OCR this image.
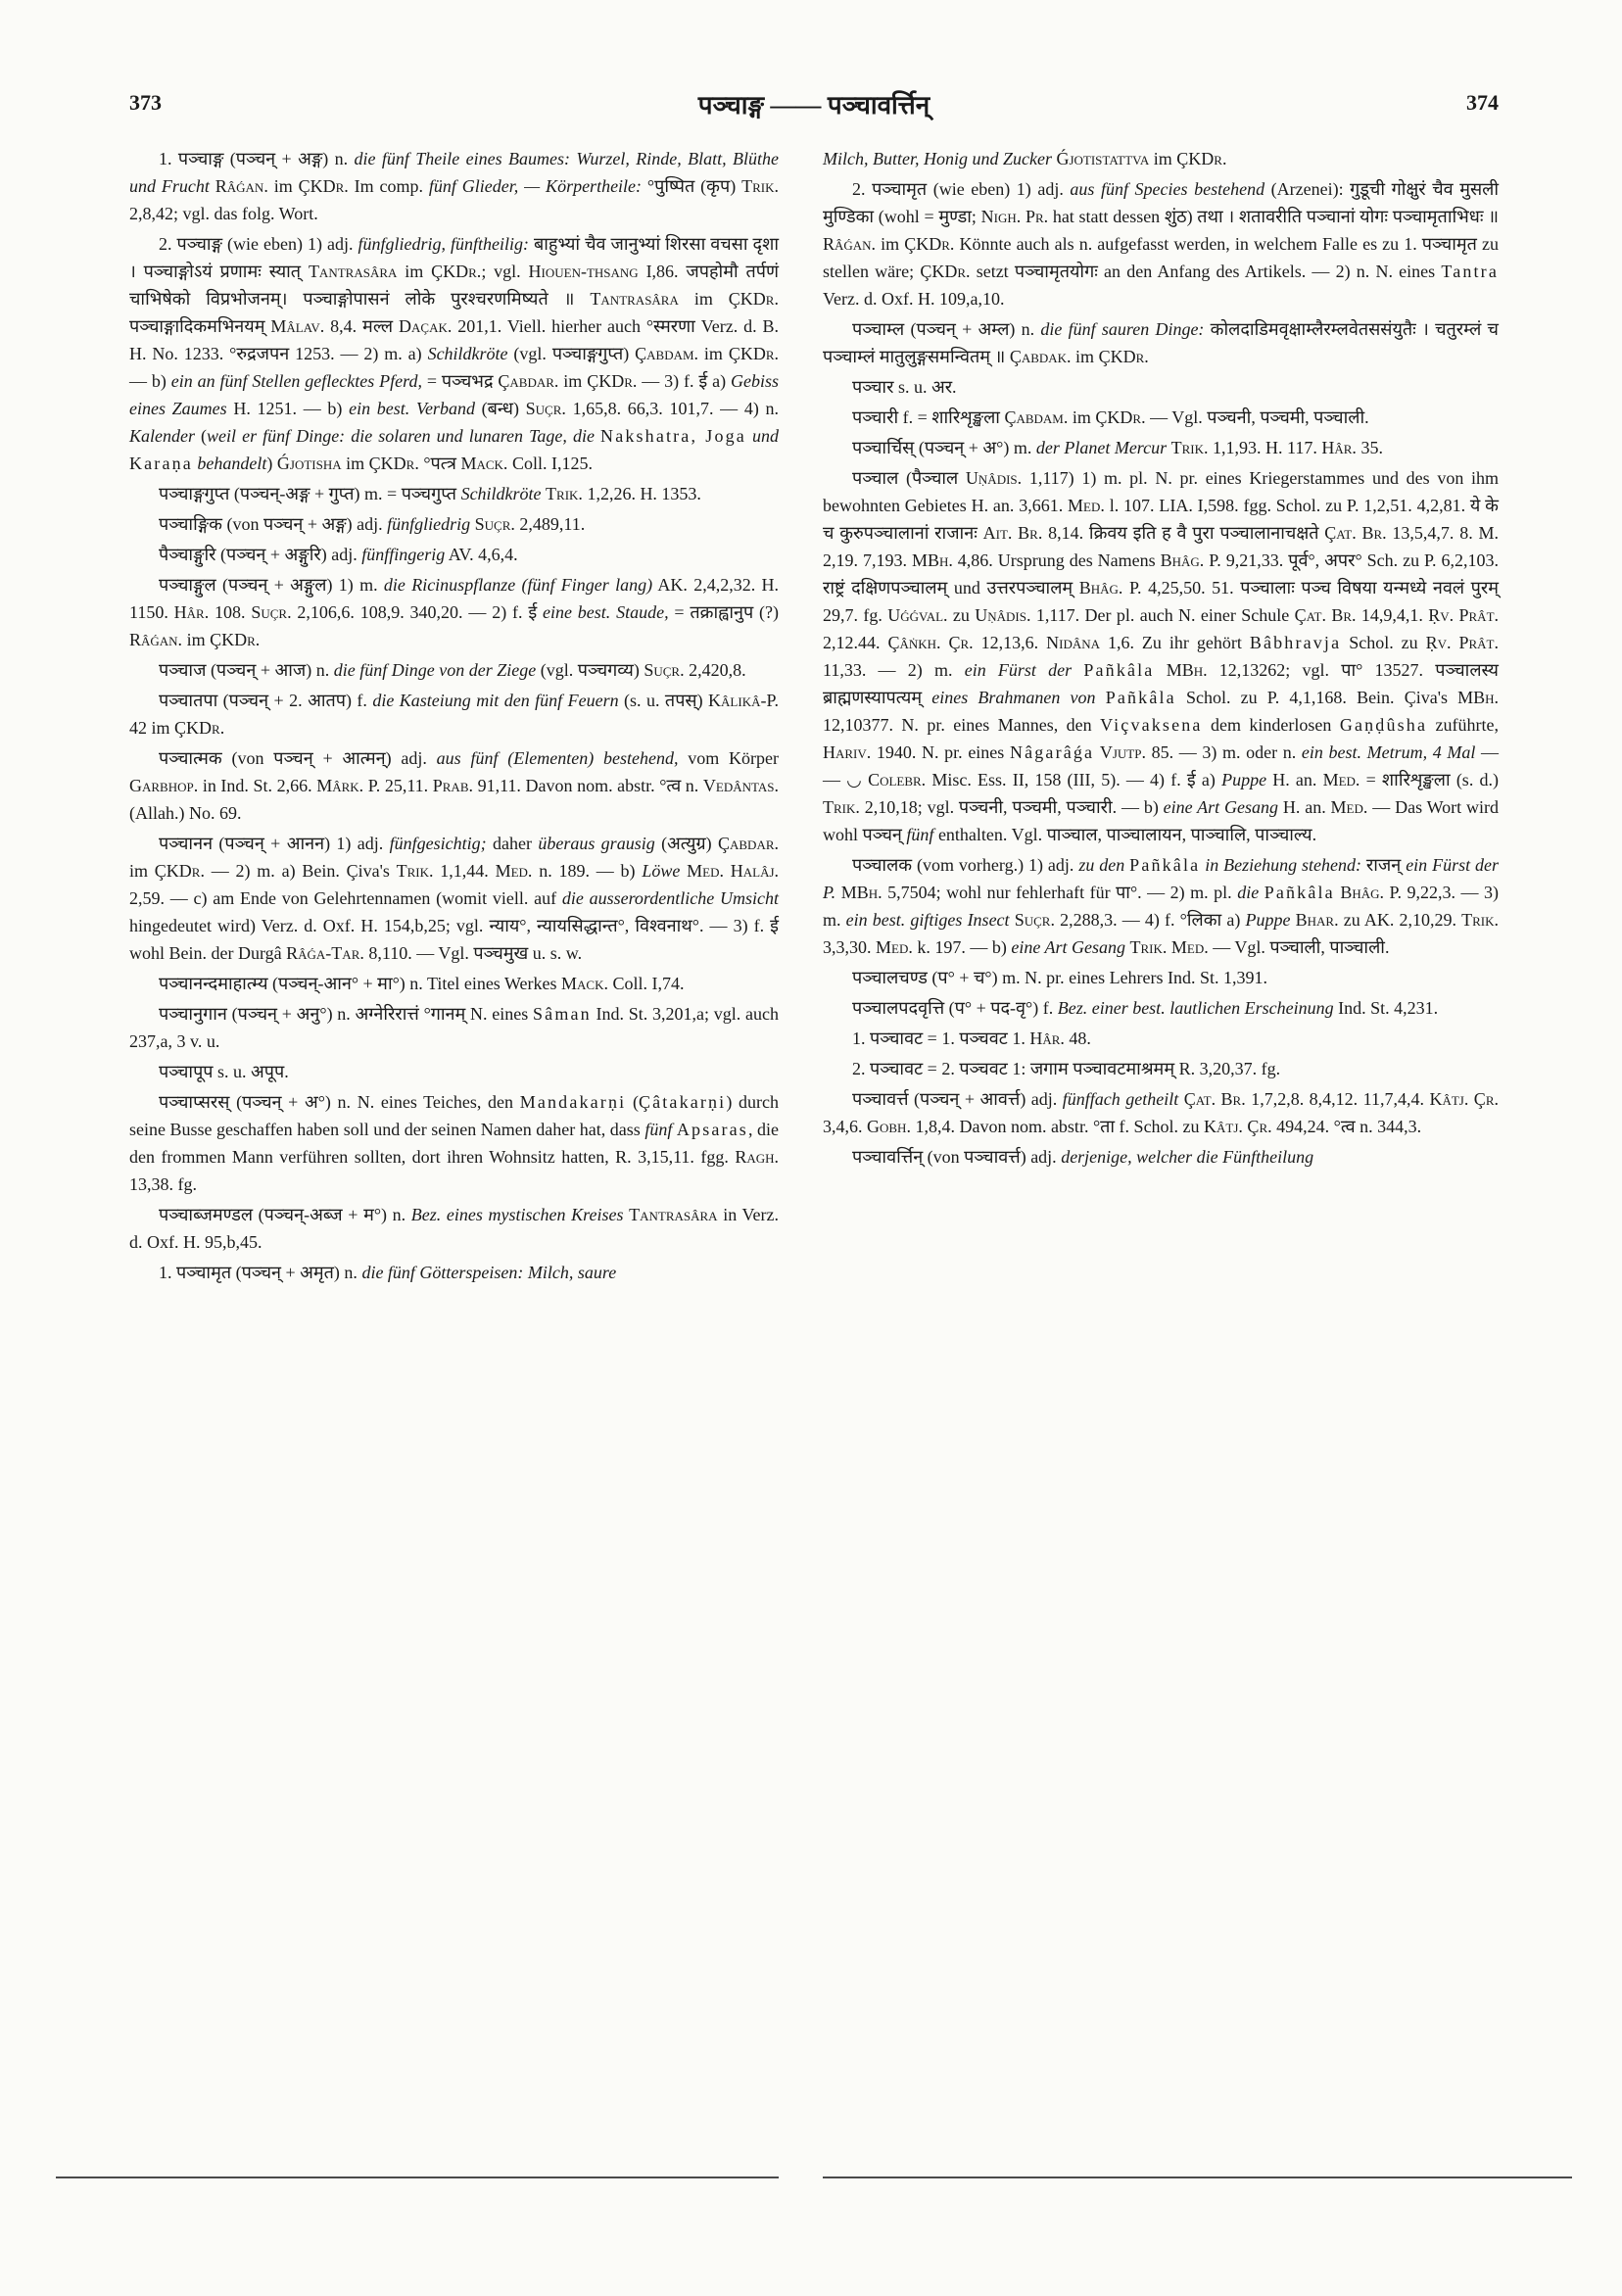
373	पञ्चाङ्ग —— पञ्चावर्त्तिन्	374

1. पञ्चाङ्ग (पञ्चन् + अङ्ग) n. die fünf Theile eines Baumes: Wurzel, Rinde, Blatt, Blüthe und Frucht Râǵan. im ÇKDr. Im comp. fünf Glieder, — Körpertheile: °पुष्पित (कृप) Trik. 2,8,42; vgl. das folg. Wort.

2. पञ्चाङ्ग (wie eben) 1) adj. fünfgliedrig, fünftheilig: बाहुभ्यां चैव जानुभ्यां शिरसा वचसा दृशा । पञ्चाङ्गोऽयं प्रणामः स्यात् Tantrasâra im ÇKDr.; vgl. Hiouen-thsang I,86. जपहोमौ तर्पणं चाभिषेको विप्रभोजनम्। पञ्चाङ्गोपासनं लोके पुरश्चरणमिष्यते ॥ Tantrasâra im ÇKDr. पञ्चाङ्गादिकमभिनयम् Mâlav. 8,4. मल्ल Daçak. 201,1. Viell. hierher auch °स्मरणा Verz. d. B. H. No. 1233. °रुद्रजपन 1253. — 2) m. a) Schildkröte (vgl. पञ्चाङ्गगुप्त) Çabdam. im ÇKDr. — b) ein an fünf Stellen geflecktes Pferd, = पञ्चभद्र Çabdar. im ÇKDr. — 3) f. ई a) Gebiss eines Zaumes H. 1251. — b) ein best. Verband (बन्ध) Suçr. 1,65,8. 66,3. 101,7. — 4) n. Kalender (weil er fünf Dinge: die solaren und lunaren Tage, die Nakshatra, Joga und Karaṇa behandelt) Ǵjotisha im ÇKDr. °पत्त्र Mack. Coll. I,125.

पञ्चाङ्गगुप्त (पञ्चन्-अङ्ग + गुप्त) m. = पञ्चगुप्त Schildkröte Trik. 1,2,26. H. 1353.

पञ्चाङ्गिक (von पञ्चन् + अङ्ग) adj. fünfgliedrig Suçr. 2,489,11.

पैञ्चाङ्गुरि (पञ्चन् + अङ्गुरि) adj. fünffingerig AV. 4,6,4.

पञ्चाङ्गुल (पञ्चन् + अङ्गुल) 1) m. die Ricinuspflanze (fünf Finger lang) AK. 2,4,2,32. H. 1150. Hâr. 108. Suçr. 2,106,6. 108,9. 340,20. — 2) f. ई eine best. Staude, = तक्राह्वानुप (?) Râǵan. im ÇKDr.

पञ्चाज (पञ्चन् + आज) n. die fünf Dinge von der Ziege (vgl. पञ्चगव्य) Suçr. 2,420,8.

पञ्चातपा (पञ्चन् + 2. आतप) f. die Kasteiung mit den fünf Feuern (s. u. तपस्) Kâlikâ-P. 42 im ÇKDr.

पञ्चात्मक (von पञ्चन् + आत्मन्) adj. aus fünf (Elementen) bestehend, vom Körper Garbhop. in Ind. St. 2,66. Mârk. P. 25,11. Prab. 91,11. Davon nom. abstr. °त्व n. Vedântas. (Allah.) No. 69.

पञ्चानन (पञ्चन् + आनन) 1) adj. fünfgesichtig; daher überaus grausig (अत्युग्र) Çabdar. im ÇKDr. — 2) m. a) Bein. Çiva's Trik. 1,1,44. Med. n. 189. — b) Löwe Med. Halâj. 2,59. — c) am Ende von Gelehrtennamen (womit viell. auf die ausserordentliche Umsicht hingedeutet wird) Verz. d. Oxf. H. 154,b,25; vgl. न्याय°, न्यायसिद्धान्त°, विश्वनाथ°. — 3) f. ई wohl Bein. der Durgâ Râǵa-Tar. 8,110. — Vgl. पञ्चमुख u. s. w.

पञ्चानन्दमाहात्म्य (पञ्चन्-आन° + मा°) n. Titel eines Werkes Mack. Coll. I,74.

पञ्चानुगान (पञ्चन् + अनु°) n. अग्नेरिरात्तं °गानम् N. eines Sâman Ind. St. 3,201,a; vgl. auch 237,a, 3 v. u.

पञ्चापूप s. u. अपूप.

पञ्चाप्सरस् (पञ्चन् + अ°) n. N. eines Teiches, den Mandakarṇi (Çâtakarṇi) durch seine Busse geschaffen haben soll und der seinen Namen daher hat, dass fünf Apsaras, die den frommen Mann verführen sollten, dort ihren Wohnsitz hatten, R. 3,15,11. fgg. Ragh. 13,38. fg.

पञ्चाब्जमण्डल (पञ्चन्-अब्ज + म°) n. Bez. eines mystischen Kreises Tantrasâra in Verz. d. Oxf. H. 95,b,45.

1. पञ्चामृत (पञ्चन् + अमृत) n. die fünf Götterspeisen: Milch, saure

Milch, Butter, Honig und Zucker Ǵjotistattva im ÇKDr.

2. पञ्चामृत (wie eben) 1) adj. aus fünf Species bestehend (Arzenei): गुडूची गोक्षुरं चैव मुसली मुण्डिका (wohl = मुण्डा; Nigh. Pr. hat statt dessen शुंठ) तथा । शतावरीति पञ्चानां योगः पञ्चामृताभिधः ॥ Râǵan. im ÇKDr. Könnte auch als n. aufgefasst werden, in welchem Falle es zu 1. पञ्चामृत zu stellen wäre; ÇKDr. setzt पञ्चामृतयोगः an den Anfang des Artikels. — 2) n. N. eines Tantra Verz. d. Oxf. H. 109,a,10.

पञ्चाम्ल (पञ्चन् + अम्ल) n. die fünf sauren Dinge: कोलदाडिमवृक्षाम्लैरम्लवेतससंयुतैः । चतुरम्लं च पञ्चाम्लं मातुलुङ्गसमन्वितम् ॥ Çabdak. im ÇKDr.

पञ्चार s. u. अर.

पञ्चारी f. = शारिशृङ्खला Çabdam. im ÇKDr. — Vgl. पञ्चनी, पञ्चमी, पञ्चाली.

पञ्चार्चिस् (पञ्चन् + अ°) m. der Planet Mercur Trik. 1,1,93. H. 117. Hâr. 35.

पञ्चाल (पैञ्चाल Uṇâdis. 1,117) 1) m. pl. N. pr. eines Kriegerstammes und des von ihm bewohnten Gebietes H. an. 3,661. Med. l. 107. LIA. I,598. fgg. Schol. zu P. 1,2,51. 4,2,81. ये के च कुरुपञ्चालानां राजानः Ait. Br. 8,14. क्रिवय इति ह वै पुरा पञ्चालानाचक्षते Çat. Br. 13,5,4,7. 8. M. 2,19. 7,193. MBh. 4,86. Ursprung des Namens Bhâg. P. 9,21,33. पूर्व°, अपर° Sch. zu P. 6,2,103. राष्ट्रं दक्षिणपञ्चालम् und उत्तरपञ्चालम् Bhâg. P. 4,25,50. 51. पञ्चालाः पञ्च विषया यन्मध्ये नवलं पुरम् 29,7. fg. Uǵǵval. zu Uṇâdis. 1,117. Der pl. auch N. einer Schule Çat. Br. 14,9,4,1. Ṛv. Prât. 2,12.44. Çâṅkh. Çr. 12,13,6. Nidâna 1,6. Zu ihr gehört Bâbhravja Schol. zu Ṛv. Prât. 11,33. — 2) m. ein Fürst der Pañkâla MBh. 12,13262; vgl. पा° 13527. पञ्चालस्य ब्राह्मणस्यापत्यम् eines Brahmanen von Pañkâla Schol. zu P. 4,1,168. Bein. Çiva's MBh. 12,10377. N. pr. eines Mannes, den Viçvaksena dem kinderlosen Gaṇḍûsha zuführte, Hariv. 1940. N. pr. eines Nâgarâǵa Vjutp. 85. — 3) m. oder n. ein best. Metrum, 4 Mal — — ◡ Colebr. Misc. Ess. II, 158 (III, 5). — 4) f. ई a) Puppe H. an. Med. = शारिशृङ्खला (s. d.) Trik. 2,10,18; vgl. पञ्चनी, पञ्चमी, पञ्चारी. — b) eine Art Gesang H. an. Med. — Das Wort wird wohl पञ्चन् fünf enthalten. Vgl. पाञ्चाल, पाञ्चालायन, पाञ्चालि, पाञ्चाल्य.

पञ्चालक (vom vorherg.) 1) adj. zu den Pañkâla in Beziehung stehend: राजन् ein Fürst der P. MBh. 5,7504; wohl nur fehlerhaft für पा°. — 2) m. pl. die Pañkâla Bhâg. P. 9,22,3. — 3) m. ein best. giftiges Insect Suçr. 2,288,3. — 4) f. °लिका a) Puppe Bhar. zu AK. 2,10,29. Trik. 3,3,30. Med. k. 197. — b) eine Art Gesang Trik. Med. — Vgl. पञ्चाली, पाञ्चाली.

पञ्चालचण्ड (प° + च°) m. N. pr. eines Lehrers Ind. St. 1,391.

पञ्चालपदवृत्ति (प° + पद-वृ°) f. Bez. einer best. lautlichen Erscheinung Ind. St. 4,231.

1. पञ्चावट = 1. पञ्चवट 1. Hâr. 48.

2. पञ्चावट = 2. पञ्चवट 1: जगाम पञ्चावटमाश्रमम् R. 3,20,37. fg.

पञ्चावर्त्त (पञ्चन् + आवर्त्त) adj. fünffach getheilt Çat. Br. 1,7,2,8. 8,4,12. 11,7,4,4. Kâtj. Çr. 3,4,6. Gobh. 1,8,4. Davon nom. abstr. °ता f. Schol. zu Kâtj. Çr. 494,24. °त्व n. 344,3.

पञ्चावर्त्तिन् (von पञ्चावर्त्त) adj. derjenige, welcher die Fünftheilung
